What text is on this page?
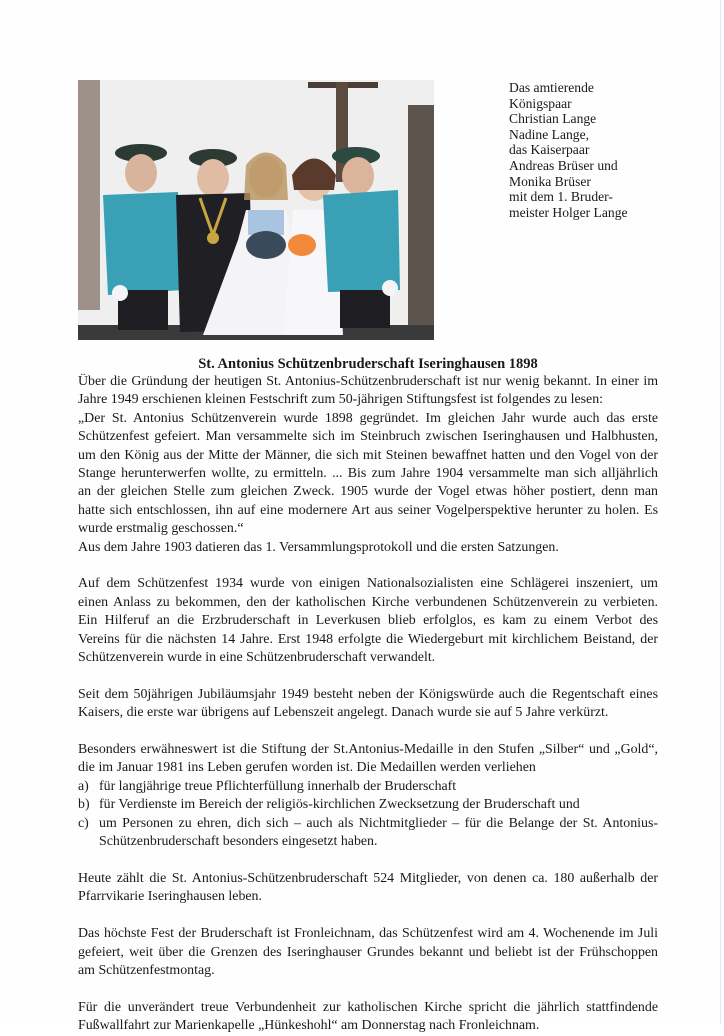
Das amtierende
Königspaar
Christian Lange
Nadine Lange,
das Kaiserpaar
Andreas Brüser und
Monika Brüser
mit dem 1. Bruder-
meister Holger Lange
St. Antonius Schützenbruderschaft Iseringhausen 1898
Über die Gründung der heutigen St. Antonius-Schützenbruderschaft ist nur wenig bekannt. In einer im
Jahre 1949 erschienen kleinen Festschrift zum 50-jährigen Stiftungsfest ist folgendes zu lesen:
„Der St. Antonius Schützenverein wurde 1898 gegründet. Im gleichen Jahr wurde auch das erste
Schützenfest gefeiert. Man versammelte sich im Steinbruch zwischen Iseringhausen und Halbhusten,
um den König aus der Mitte der Männer, die sich mit Steinen bewaffnet hatten und den Vogel von der
Stange herunterwerfen wollte, zu ermitteln. ... Bis zum Jahre 1904 versammelte man sich alljährlich
an der gleichen Stelle zum gleichen Zweck. 1905 wurde der Vogel etwas höher postiert, denn man
hatte sich entschlossen, ihn auf eine modernere Art aus seiner Vogelperspektive herunter zu holen. Es
wurde erstmalig geschossen.“
Aus dem Jahre 1903 datieren das 1. Versammlungsprotokoll und die ersten Satzungen.
Auf dem Schützenfest 1934 wurde von einigen Nationalsozialisten eine Schlägerei inszeniert, um
einen Anlass zu bekommen, den der katholischen Kirche verbundenen Schützenverein zu verbieten.
Ein Hilferuf an die Erzbruderschaft in Leverkusen blieb erfolglos, es kam zu einem Verbot des
Vereins für die nächsten 14 Jahre. Erst 1948 erfolgte die Wiedergeburt mit kirchlichem Beistand, der
Schützenverein wurde in eine Schützenbruderschaft verwandelt.
Seit dem 50jährigen Jubiläumsjahr 1949 besteht neben der Königswürde auch die Regentschaft eines
Kaisers, die erste war übrigens auf Lebenszeit angelegt. Danach wurde sie auf 5 Jahre verkürzt.
Besonders erwähneswert ist die Stiftung der St.Antonius-Medaille in den Stufen „Silber“ und „Gold“,
die im Januar 1981 ins Leben gerufen worden ist. Die Medaillen werden verliehen
a) für langjährige treue Pflichterfüllung innerhalb der Bruderschaft
b) für Verdienste im Bereich der religiös-kirchlichen Zwecksetzung der Bruderschaft und
c) um Personen zu ehren, dich sich – auch als Nichtmitglieder – für die Belange der St. Antonius-
Schützenbruderschaft besonders eingesetzt haben.
Heute zählt die St. Antonius-Schützenbruderschaft 524 Mitglieder, von denen ca. 180 außerhalb der
Pfarrvikarie Iseringhausen leben.
Das höchste Fest der Bruderschaft ist Fronleichnam, das Schützenfest wird am 4. Wochenende im Juli
gefeiert, weit über die Grenzen des Iseringhauser Grundes bekannt und beliebt ist der Frühschoppen
am Schützenfestmontag.
Für die unverändert treue Verbundenheit zur katholischen Kirche spricht die jährlich stattfindende
Fußwallfahrt zur Marienkapelle „Hünkeshohl“ am Donnerstag nach Fronleichnam.
